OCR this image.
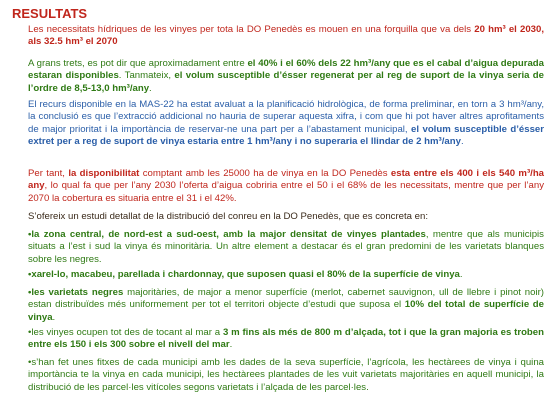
RESULTATS

Les necessitats hídriques de les vinyes per tota la DO Penedès es mouen en una forquilla que va dels 20 hm³ el 2030, als 32.5 hm³ el 2070

A grans trets, es pot dir que aproximadament entre el 40% i el 60% dels 22 hm³/any que es el cabal d’aigua depurada estaran disponibles. Tanmateix, el volum susceptible d’ésser regenerat per al reg de suport de la vinya seria de l’ordre de 8,5-13,0 hm³/any.

El recurs disponible en la MAS-22 ha estat avaluat a la planificació hidrològica, de forma preliminar, en torn a 3 hm³/any, la conclusió es que l’extracció addicional no hauria de superar aquesta xifra, i com que hi pot haver altres aprofitaments de major prioritat i la importància de reservar-ne una part per a l’abastament municipal, el volum susceptible d’ésser extret per a reg de suport de vinya estaria entre 1 hm³/any i no superaria el llindar de 2 hm³/any.

Per tant, la disponibilitat comptant amb les 25000 ha de vinya en la DO Penedès esta entre els 400 i els 540 m³/ha any, lo qual fa que per l’any 2030 l’oferta d’aigua cobriria entre el 50 i el 68% de les necessitats, mentre que per l’any 2070 la cobertura es situaria entre el 31 i el 42%.

S’ofereix un estudi detallat de la distribució del conreu en la DO Penedès, que es concreta en:

•la zona central, de nord-est a sud-oest, amb la major densitat de vinyes plantades, mentre que als municipis situats a l’est i sud la vinya és minoritària. Un altre element a destacar és el gran predomini de les varietats blanques sobre les negres.

•xarel-lo, macabeu, parellada i chardonnay, que suposen quasi el 80% de la superfície de vinya.

•les varietats negres majoritàries, de major a menor superfície (merlot, cabernet sauvignon, ull de llebre i pinot noir) estan distribuïdes més uniformement per tot el territori objecte d’estudi que suposa el 10% del total de superfície de vinya.

•les vinyes ocupen tot des de tocant al mar a 3 m fins als més de 800 m d’alçada, tot i que la gran majoria es troben entre els 150 i els 300 sobre el nivell del mar.

•s’han fet unes fitxes de cada municipi amb les dades de la seva superfície, l’agrícola, les hectàrees de vinya i quina importància te la vinya en cada municipi, les hectàrees plantades de les vuit varietats majoritàries en aquell municipi, la distribució de les parcel·les vitícoles segons varietats i l’alçada de les parcel·les.
